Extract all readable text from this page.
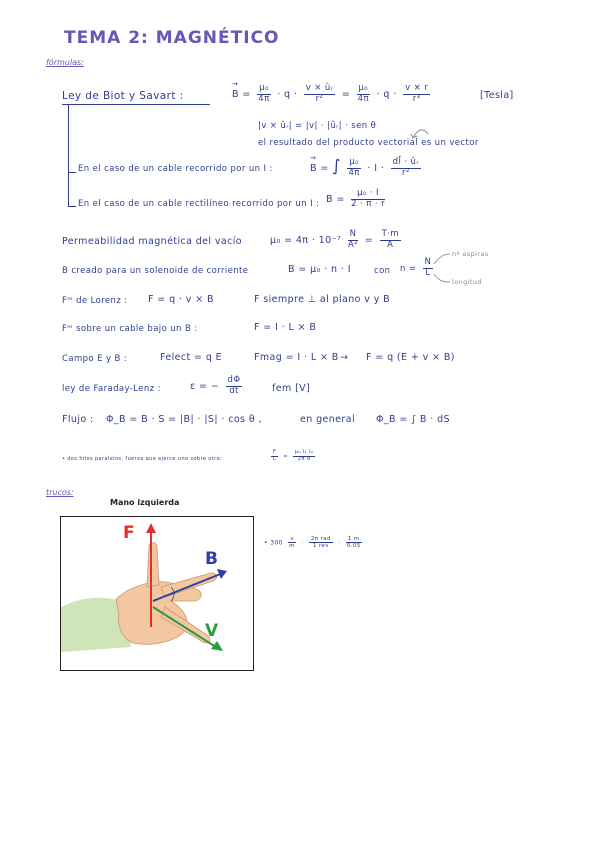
TEMA 2: MAGNÉTICO
fórmulas:
Ley de Biot y Savart :	→ $B = \frac{\text{μ₀}}{4\pi} \cdot q \cdot \frac{\text{v × ûᵣ}}{\text{r²}} = \frac{\text{μ₀}}{4\pi} \cdot q \cdot \frac{v \times r}{\text{r³}}$	[Tesla]
|v × ûᵣ| = |v| · |ûᵣ| · sen θ
el resultado del producto vectorial es un vector
En el caso de un cable recorrido por un I :	→ B = ∫ $\frac{\text{μ₀}}{4\pi} \cdot I \cdot \frac{\text{dl̄ · ûᵣ}}{\text{r²}}$
En el caso de un cable rectilíneo recorrido por un I : $B = \frac{\text{μ₀ · I}}{2 \cdot \pi \cdot r}$
Permeabilidad magnética del vacío	$\mu_0 = 4\pi \cdot 10^{-7} \frac{N}{\text{A²}} = \frac{T\cdot m}{A}$
B creado para un solenoide de corriente	B = μ₀ · n · I	con $n = \frac{N}{L}$
nº espiras
longitud
Fᵐ de Lorenz : F = q · v × B	F siempre ⊥ al plano v y B
Fᵐ sobre un cable bajo un B :	F = I · L × B
Campo E y B :	Felect = q E	Fmag = I · L × B → F = q (E + v × B)
ley de Faraday-Lenz :	ε = − $\frac{d\Phi}{dt}$	fem [V]
Flujo : Φ_B = B · S = |B| · |S| · cos θ ,	en general Φ_B = ∫ B · dS
• dos hilos paralelos, fuerza que ejerce uno sobre otro:	$\frac{F}{L} = \frac{\text{μ₀ I₁ I₂}}{\text{2π d}}$
trucos:
Mano izquierda
F
B
V
• $300 \frac{v}{m} \cdot \frac{\text{2π rad}}{\text{1 rev}} \cdot \frac{1 m}{0.05}$
